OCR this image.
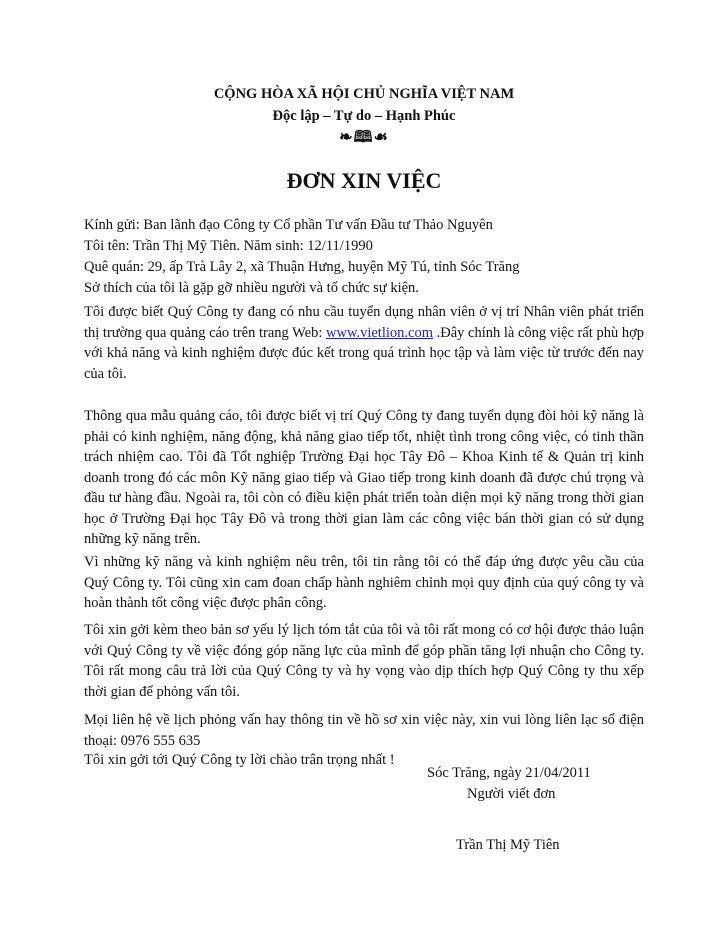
CỘNG HÒA XÃ HỘI CHỦ NGHĨA VIỆT NAM
Độc lập – Tự do – Hạnh Phúc
❧🕮☙
ĐƠN XIN VIỆC
Kính gửi: Ban lãnh đạo Công ty Cổ phần Tư vấn Đầu tư Thảo Nguyên
Tôi tên: Trần Thị Mỹ Tiên. Năm sinh: 12/11/1990
Quê quán: 29, ấp Trà Lây 2, xã Thuận Hưng, huyện Mỹ Tú, tỉnh Sóc Trăng
Sở thích của tôi là gặp gỡ nhiều người và tổ chức sự kiện.
Tôi được biết Quý Công ty đang có nhu cầu tuyển dụng nhân viên ở vị trí Nhân viên phát triển thị trường qua quảng cáo trên trang Web: www.vietlion.com .Đây chính là công việc rất phù hợp với khả năng và kinh nghiệm được đúc kết trong quá trình học tập và làm việc từ trước đến nay của tôi.
Thông qua mẫu quảng cáo, tôi được biết vị trí Quý Công ty đang tuyển dụng đòi hỏi kỹ năng là phải có kinh nghiệm, năng động, khả năng giao tiếp tốt, nhiệt tình trong công việc, có tinh thần trách nhiệm cao. Tôi đã Tốt nghiệp Trường Đại học Tây Đô – Khoa Kinh tế & Quản trị kinh doanh trong đó các môn Kỹ năng giao tiếp và Giao tiếp trong kinh doanh đã được chú trọng và đầu tư hàng đầu. Ngoài ra, tôi còn có điều kiện phát triển toàn diện mọi kỹ năng trong thời gian học ở Trường Đại học Tây Đô và trong thời gian làm các công việc bán thời gian có sử dụng những kỹ năng trên.
Vì những kỹ năng và kinh nghiệm nêu trên, tôi tin rằng tôi có thể đáp ứng được yêu cầu của Quý Công ty. Tôi cũng xin cam đoan chấp hành nghiêm chỉnh mọi quy định của quý công ty và hoàn thành tốt công việc được phân công.
Tôi xin gởi kèm theo bản sơ yếu lý lịch tóm tắt của tôi và tôi rất mong có cơ hội được thảo luận với Quý Công ty về việc đóng góp năng lực của mình để góp phần tăng lợi nhuận cho Công ty. Tôi rất mong câu trả lời của Quý Công ty và hy vọng vào dịp thích hợp Quý Công ty thu xếp thời gian để phỏng vấn tôi.
Mọi liên hệ về lịch phỏng vấn hay thông tin về hồ sơ xin việc này, xin vui lòng liên lạc số điện thoại: 0976 555 635
Tôi xin gởi tới Quý Công ty lời chào trân trọng nhất !
Sóc Trăng, ngày 21/04/2011
Người viết đơn
Trần Thị Mỹ Tiên
